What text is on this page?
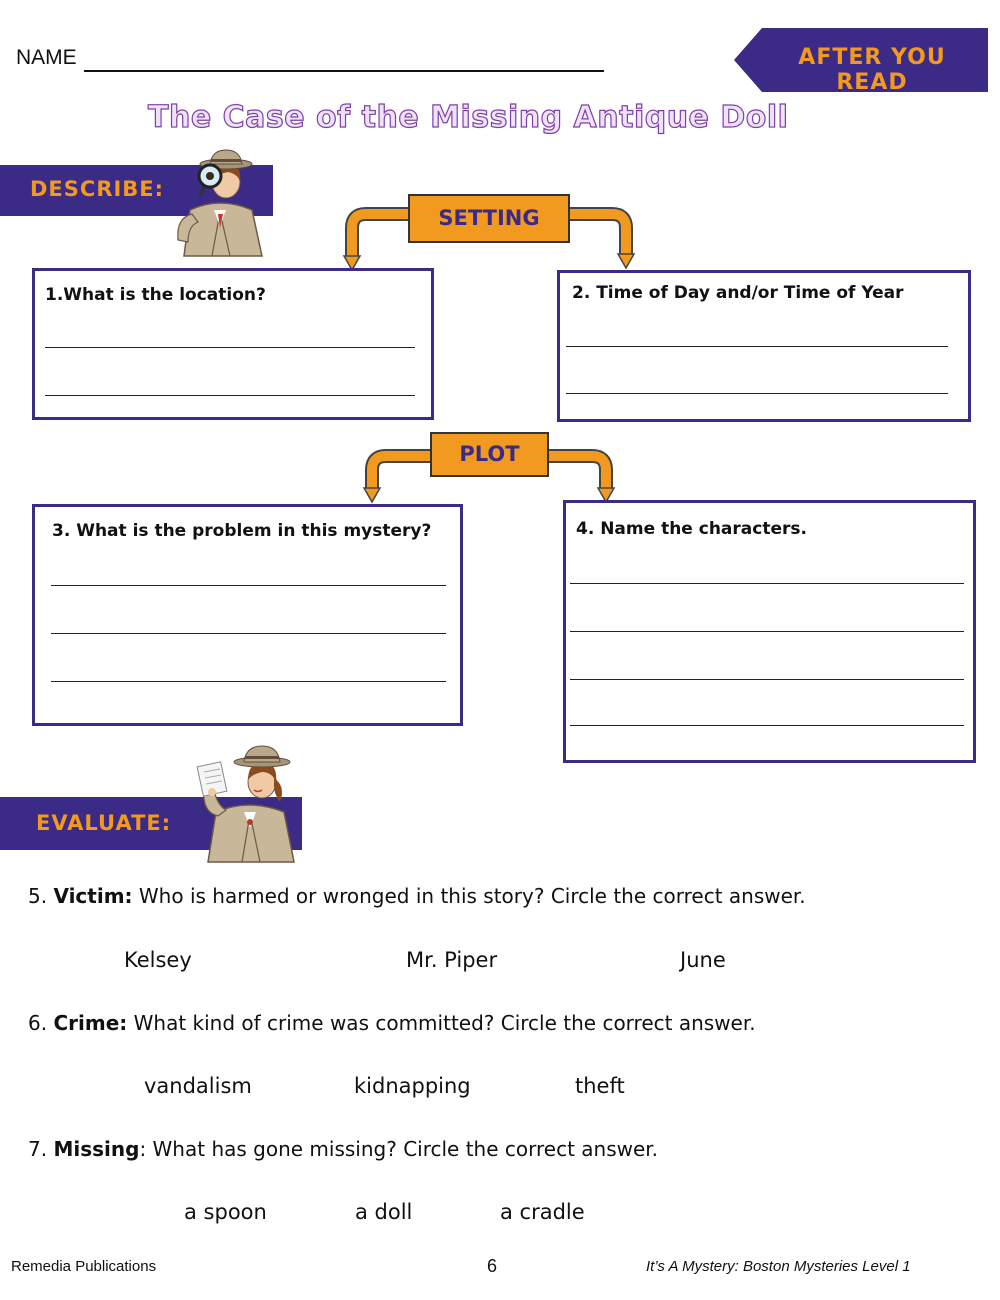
NAME	AFTER YOU READ
The Case of the Missing Antique Doll
DESCRIBE:
SETTING
1.What is the location?	2. Time of Day and/or Time of Year
PLOT
3. What is the problem in this mystery?	4. Name the characters.
EVALUATE:
5. Victim: Who is harmed or wronged in this story? Circle the correct answer.
Kelsey	Mr. Piper	June
6. Crime: What kind of crime was committed? Circle the correct answer.
vandalism	kidnapping	theft
7. Missing: What has gone missing? Circle the correct answer.
a spoon	a doll	a cradle
Remedia Publications	6	It’s A Mystery: Boston Mysteries Level 1
